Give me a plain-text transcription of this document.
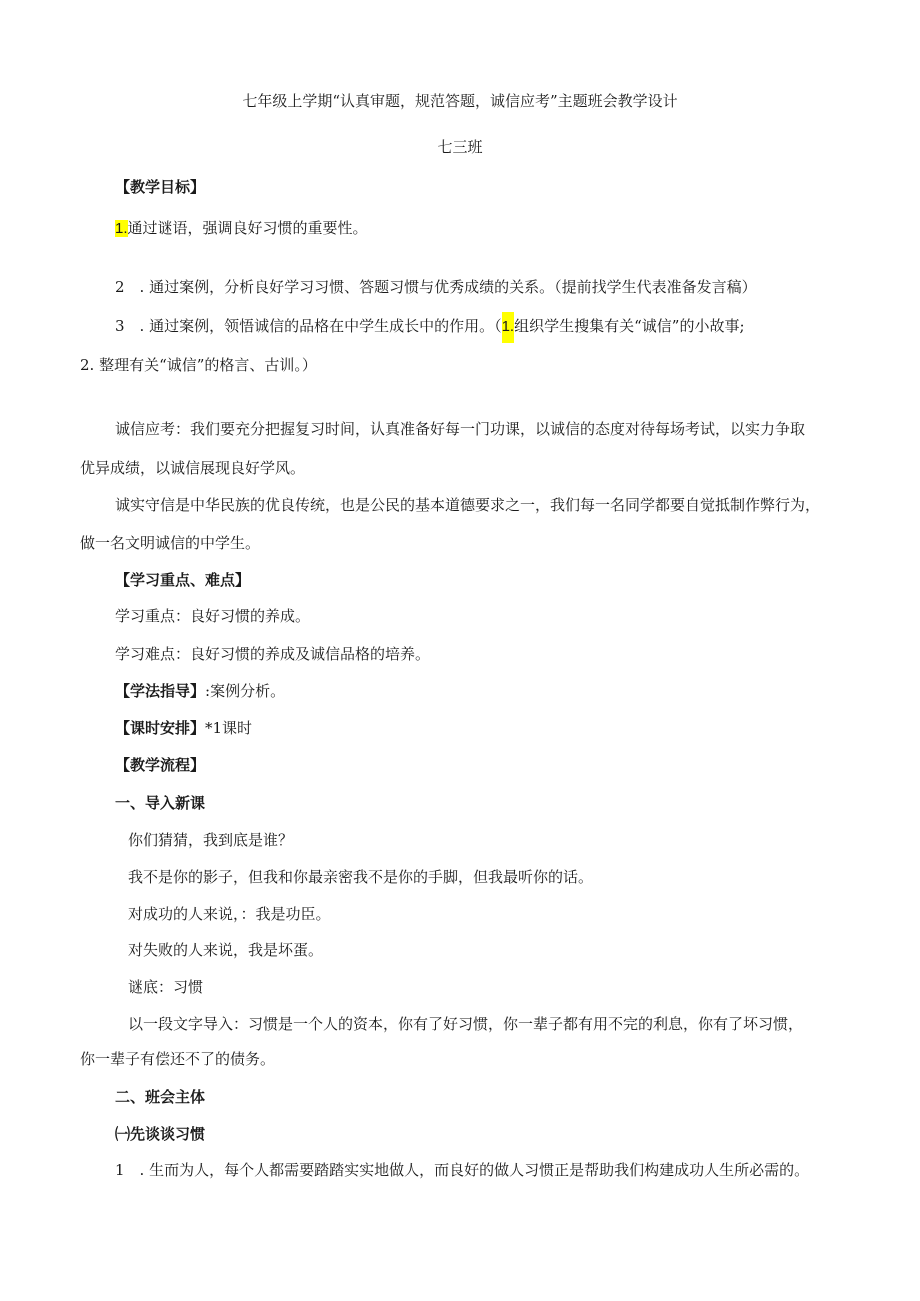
七年级上学期“认真审题，规范答题，诚信应考”主题班会教学设计
七三班
【教学目标】
1.通过谜语，强调良好习惯的重要性。
2　. 通过案例，分析良好学习习惯、答题习惯与优秀成绩的关系。（提前找学生代表准备发言稿）
3　. 通过案例，领悟诚信的品格在中学生成长中的作用。（1.组织学生搜集有关“诚信”的小故事;
2. 整理有关“诚信”的格言、古训。）
诚信应考：我们要充分把握复习时间，认真准备好每一门功课，以诚信的态度对待每场考试，以实力争取
优异成绩，以诚信展现良好学风。
诚实守信是中华民族的优良传统，也是公民的基本道德要求之一，我们每一名同学都要自觉抵制作弊行为，
做一名文明诚信的中学生。
【学习重点、难点】
学习重点：良好习惯的养成。
学习难点：良好习惯的养成及诚信品格的培养。
【学法指导】:案例分析。
【课时安排】*1课时
【教学流程】
一、导入新课
你们猜猜，我到底是谁？
我不是你的影子，但我和你最亲密我不是你的手脚，但我最听你的话。
对成功的人来说，：我是功臣。
对失败的人来说，我是坏蛋。
谜底：习惯
以一段文字导入：习惯是一个人的资本，你有了好习惯，你一辈子都有用不完的利息，你有了坏习惯，
你一辈子有偿还不了的债务。
二、班会主体
㈠先谈谈习惯
1　. 生而为人，每个人都需要踏踏实实地做人，而良好的做人习惯正是帮助我们构建成功人生所必需的。
